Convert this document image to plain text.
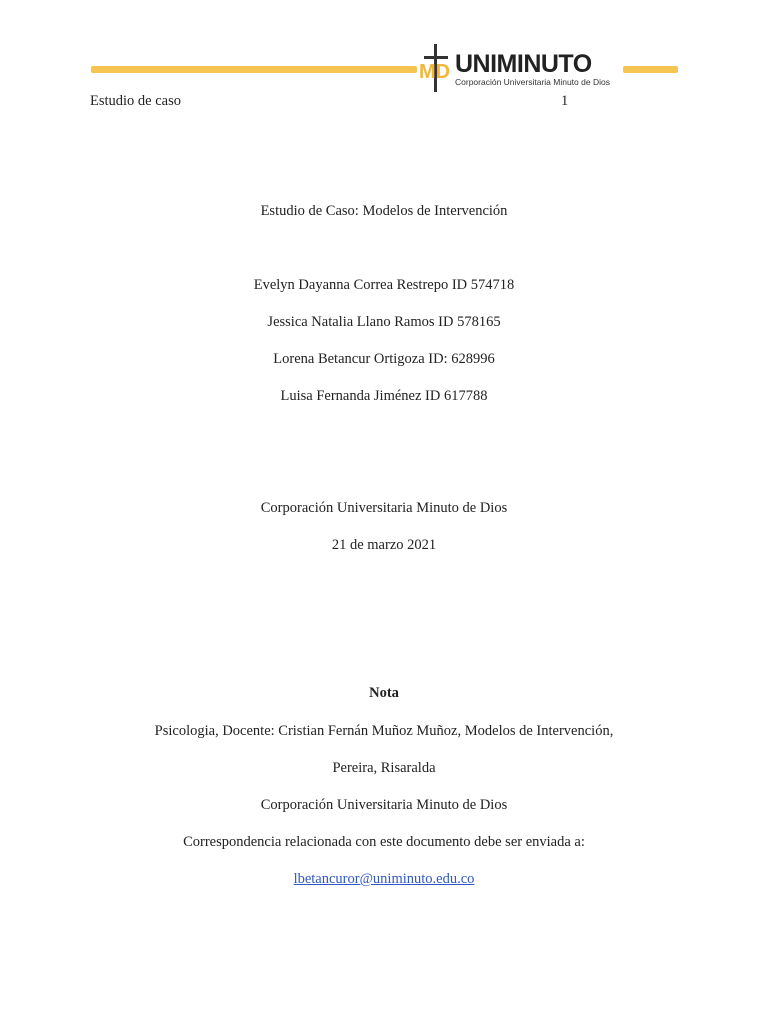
MD UNIMINUTO
Corporación Universitaria Minuto de Dios
Estudio de caso	1
Estudio de Caso: Modelos de Intervención
Evelyn Dayanna Correa Restrepo ID 574718
Jessica Natalia Llano Ramos ID 578165
Lorena Betancur Ortigoza ID: 628996
Luisa Fernanda Jiménez ID 617788
Corporación Universitaria Minuto de Dios
21 de marzo 2021
Nota
Psicologia, Docente: Cristian Fernán Muñoz Muñoz, Modelos de Intervención,
Pereira, Risaralda
Corporación Universitaria Minuto de Dios
Correspondencia relacionada con este documento debe ser enviada a:
lbetancuror@uniminuto.edu.co
